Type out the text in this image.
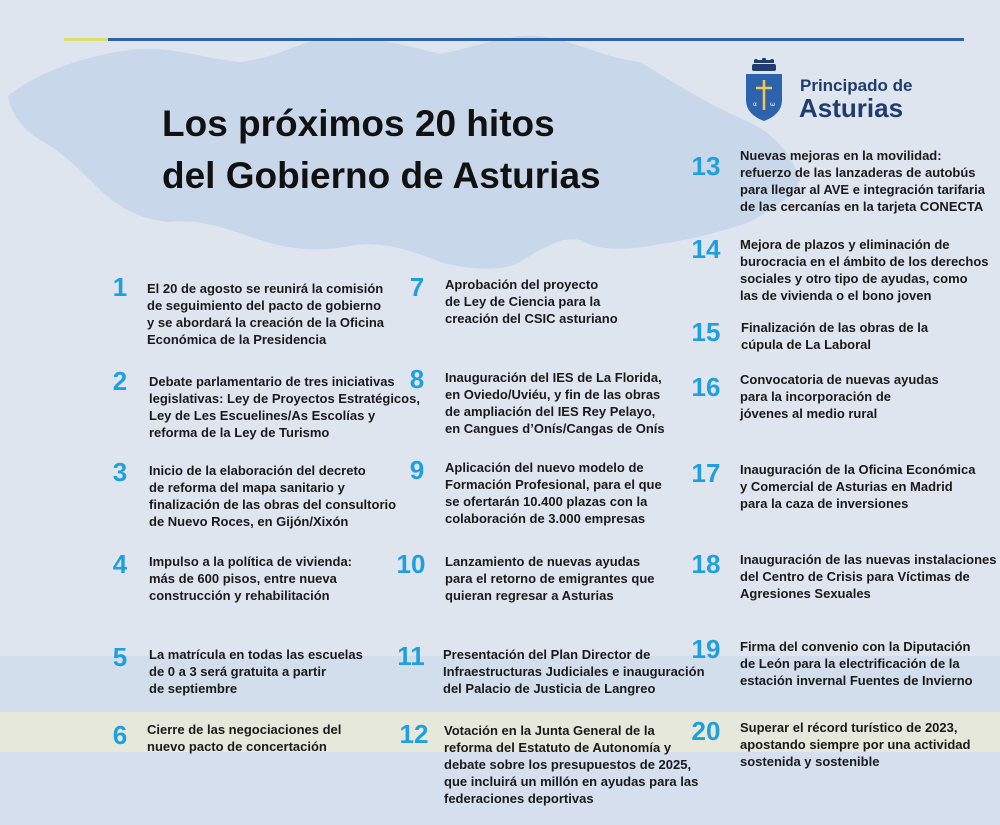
Los próximos 20 hitos
del Gobierno de Asturias
α ω
Principado de
Asturias
1	El 20 de agosto se reunirá la comisión
de seguimiento del pacto de gobierno
y se abordará la creación de la Oficina
Económica de la Presidencia
2	Debate parlamentario de tres iniciativas
legislativas: Ley de Proyectos Estratégicos,
Ley de Les Escuelines/As Escolías y
reforma de la Ley de Turismo
3	Inicio de la elaboración del decreto
de reforma del mapa sanitario y
finalización de las obras del consultorio
de Nuevo Roces, en Gijón/Xixón
4	Impulso a la política de vivienda:
más de 600 pisos, entre nueva
construcción y rehabilitación
5	La matrícula en todas las escuelas
de 0 a 3 será gratuita a partir
de septiembre
6	Cierre de las negociaciones del
nuevo pacto de concertación
7	Aprobación del proyecto
de Ley de Ciencia para la
creación del CSIC asturiano
8	Inauguración del IES de La Florida,
en Oviedo/Uviéu, y fin de las obras
de ampliación del IES Rey Pelayo,
en Cangues d’Onís/Cangas de Onís
9	Aplicación del nuevo modelo de
Formación Profesional, para el que
se ofertarán 10.400 plazas con la
colaboración de 3.000 empresas
10 Lanzamiento de nuevas ayudas
para el retorno de emigrantes que
quieran regresar a Asturias
11	Presentación del Plan Director de
Infraestructuras Judiciales e inauguración
del Palacio de Justicia de Langreo
12 Votación en la Junta General de la
reforma del Estatuto de Autonomía y
debate sobre los presupuestos de 2025,
que incluirá un millón en ayudas para las
federaciones deportivas
13 Nuevas mejoras en la movilidad:
refuerzo de las lanzaderas de autobús
para llegar al AVE e integración tarifaria
de las cercanías en la tarjeta CONECTA
14 Mejora de plazos y eliminación de
burocracia en el ámbito de los derechos
sociales y otro tipo de ayudas, como
las de vivienda o el bono joven
15 Finalización de las obras de la
cúpula de La Laboral
16 Convocatoria de nuevas ayudas
para la incorporación de
jóvenes al medio rural
17 Inauguración de la Oficina Económica
y Comercial de Asturias en Madrid
para la caza de inversiones
18 Inauguración de las nuevas instalaciones
del Centro de Crisis para Víctimas de
Agresiones Sexuales
19 Firma del convenio con la Diputación
de León para la electrificación de la
estación invernal Fuentes de Invierno
20 Superar el récord turístico de 2023,
apostando siempre por una actividad
sostenida y sostenible
